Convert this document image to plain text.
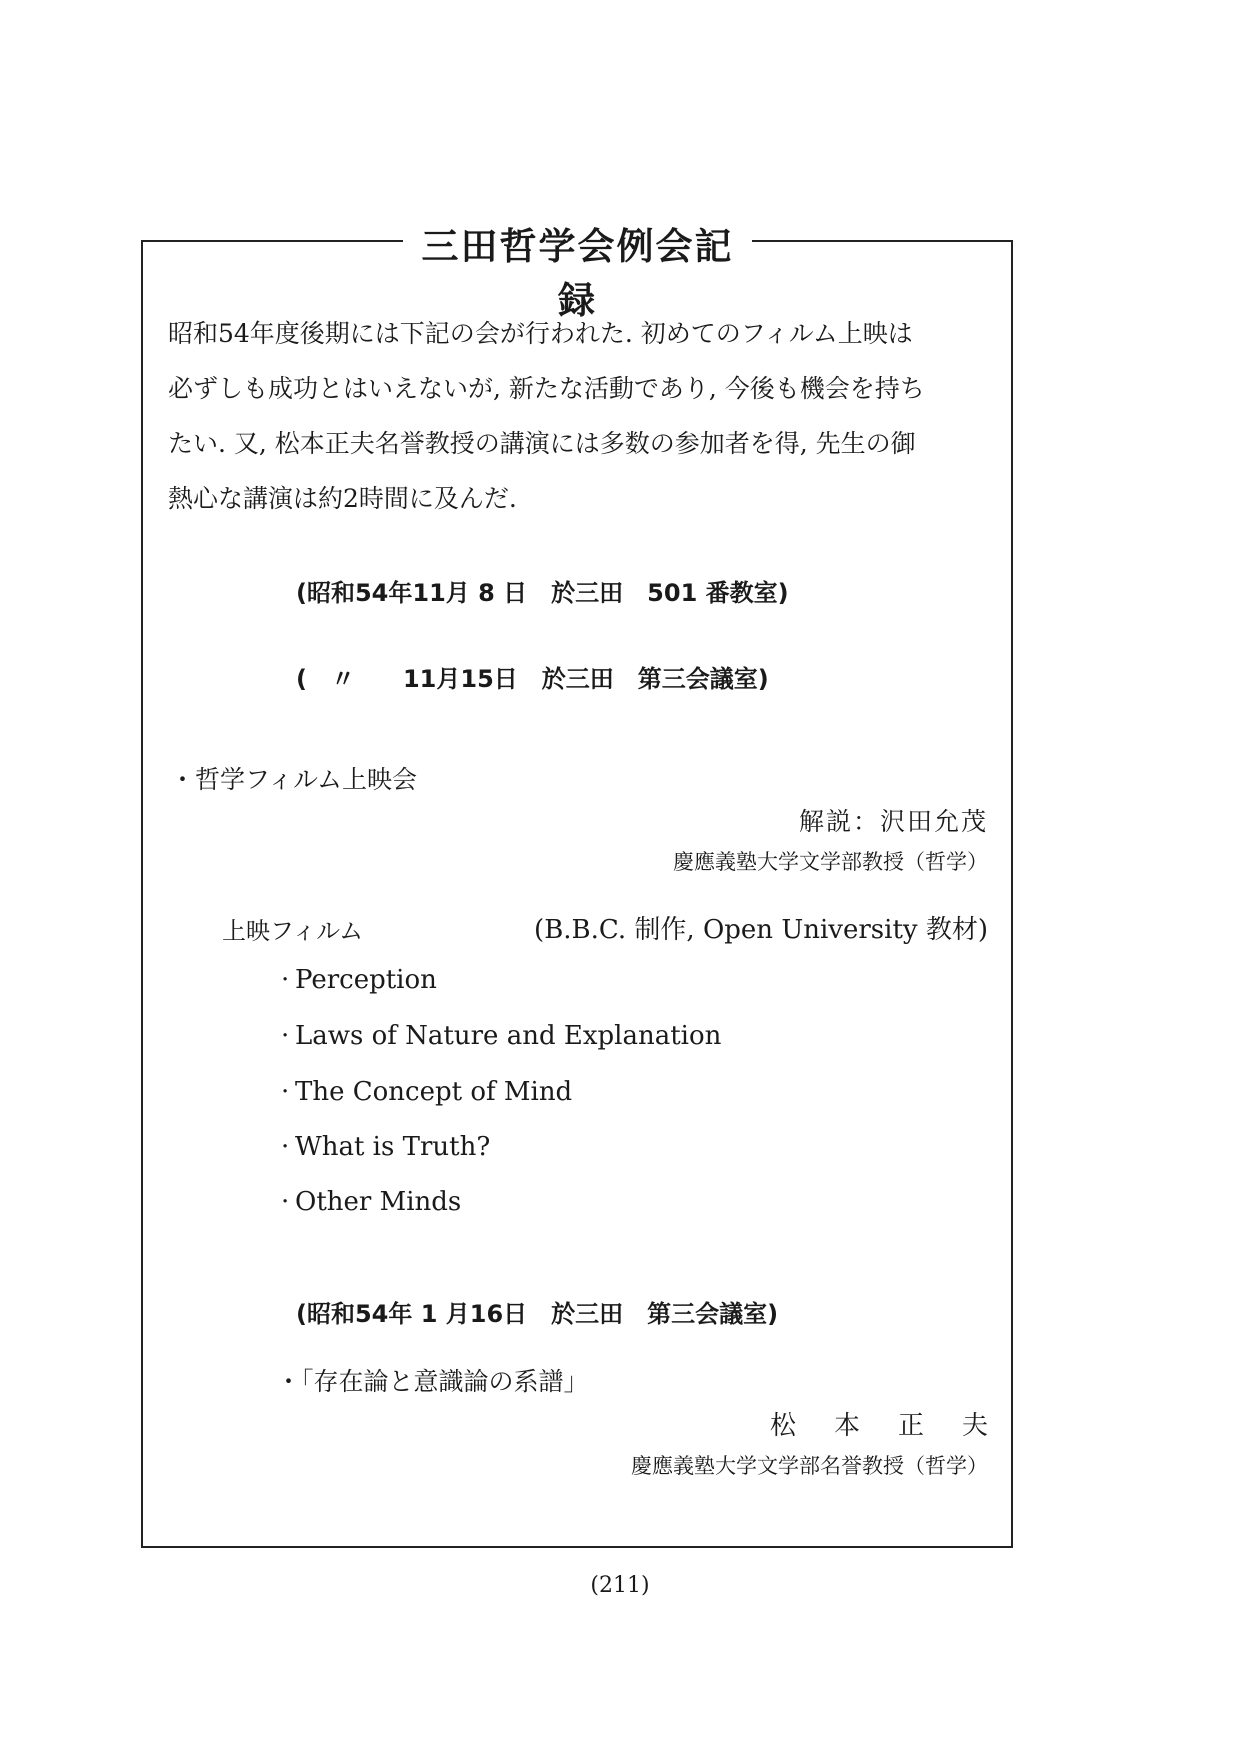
三田哲学会例会記録
昭和54年度後期には下記の会が行われた. 初めてのフィルム上映は
必ずしも成功とはいえないが, 新たな活動であり, 今後も機会を持ち
たい. 又, 松本正夫名誉教授の講演には多数の参加者を得, 先生の御
熱心な講演は約2時間に及んだ.
(昭和54年11月 8 日　於三田　501 番教室)
(　〃　　11月15日　於三田　第三会議室)
・哲学フィルム上映会
解説：沢田允茂
慶應義塾大学文学部教授（哲学）
上映フィルム	(B.B.C. 制作, Open University 教材)
· Perception
· Laws of Nature and Explanation
· The Concept of Mind
· What is Truth?
· Other Minds
(昭和54年 1 月16日　於三田　第三会議室)
・「存在論と意識論の系譜」
松本正夫
慶應義塾大学文学部名誉教授（哲学）
(211)
